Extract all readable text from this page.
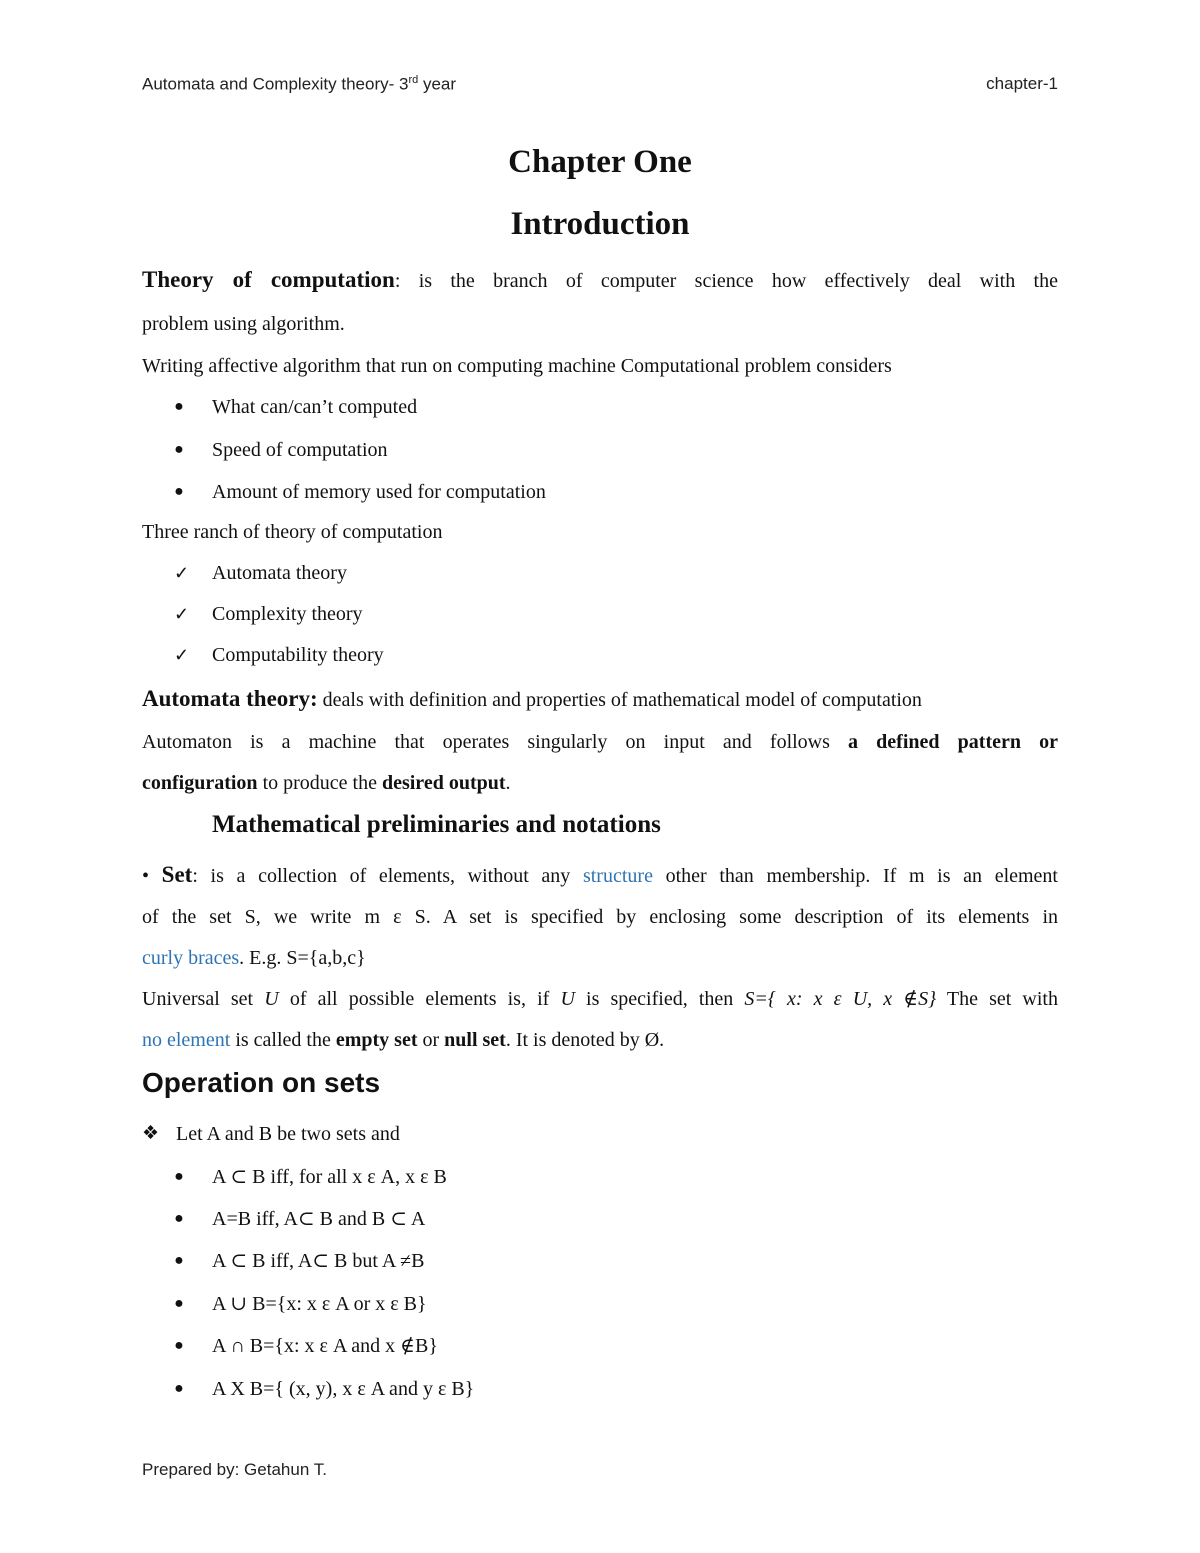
Automata and Complexity theory- 3rd year	chapter-1
Chapter One
Introduction
Theory of computation: is the branch of computer science how effectively deal with the
problem using algorithm.
Writing affective algorithm that run on computing machine Computational problem considers
● What can/can’t computed
● Speed of computation
● Amount of memory used for computation
Three ranch of theory of computation
✓ Automata theory
✓ Complexity theory
✓ Computability theory
Automata theory: deals with definition and properties of mathematical model of computation
Automaton is a machine that operates singularly on input and follows a defined pattern or
configuration to produce the desired output.
Mathematical preliminaries and notations
• Set: is a collection of elements, without any structure other than membership. If m is an element
of the set S, we write m ε S. A set is specified by enclosing some description of its elements in
curly braces. E.g. S={a,b,c}
Universal set U of all possible elements is, if U is specified, then S={ x: x ε U, x ∉S} The set with
no element is called the empty set or null set. It is denoted by Ø.
Operation on sets
❖ Let A and B be two sets and
● A ⊂ B iff, for all x ε A, x ε B
● A=B iff, A⊂ B and B ⊂ A
● A ⊂ B iff, A⊂ B but A ≠B
● A ∪ B={x: x ε A or x ε B}
● A ∩ B={x: x ε A and x ∉B}
● A X B={ (x, y), x ε A and y ε B}
Prepared by: Getahun T.
